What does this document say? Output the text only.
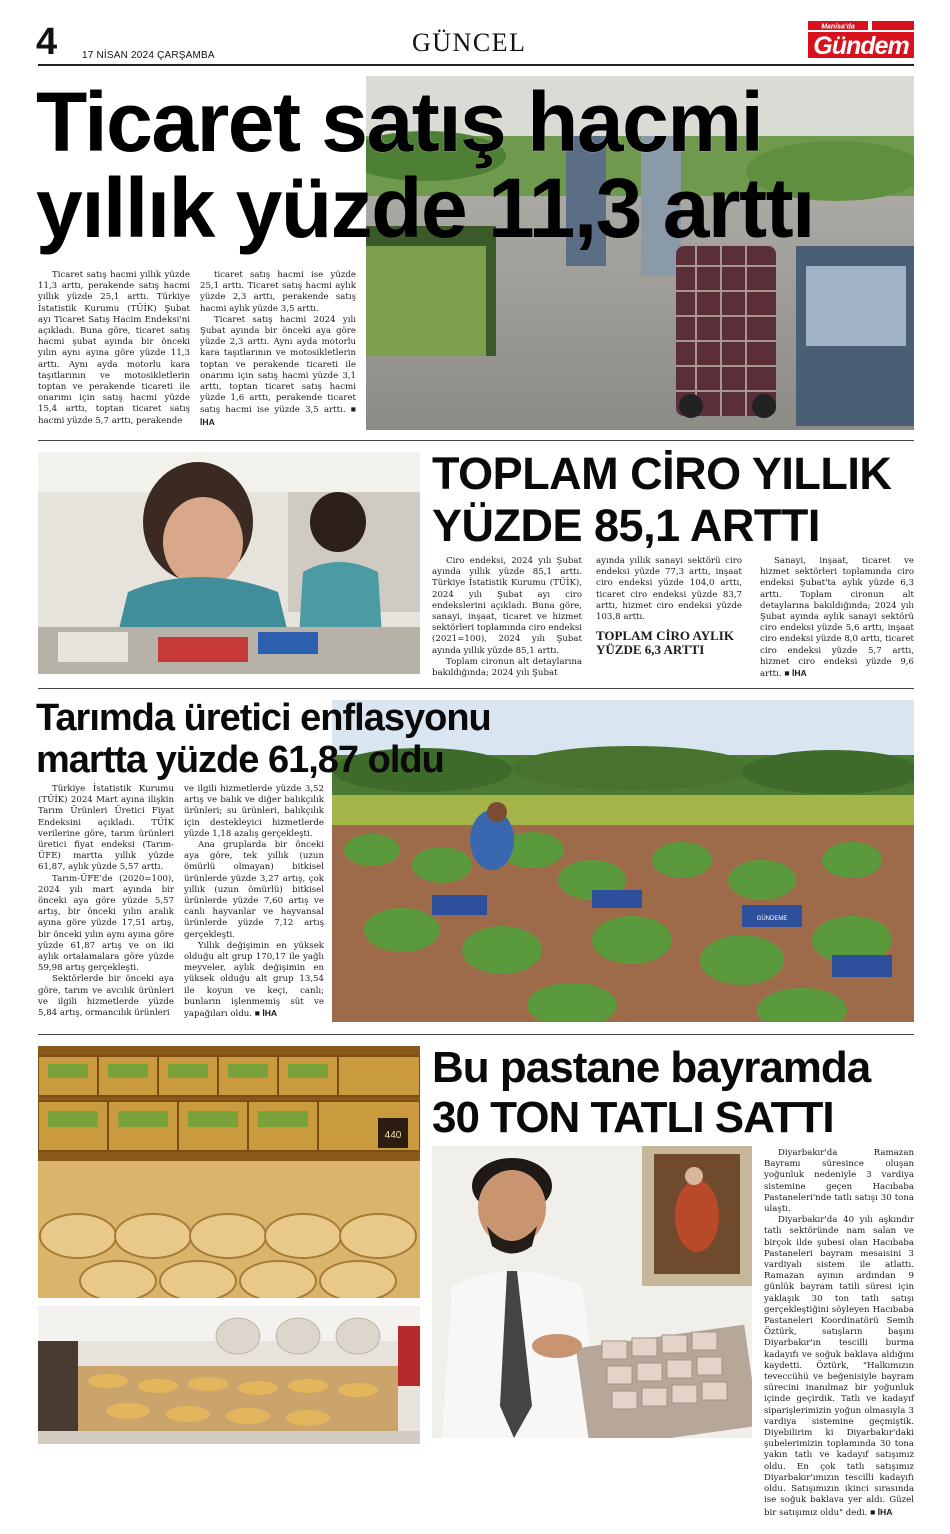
4 17 NİSAN 2024 ÇARŞAMBA	GÜNCEL
Manisa'da
Gündem
Ticaret satış hacmi
yıllık yüzde 11,3 arttı

Ticaret satış hacmi yıllık yüzde 11,3 arttı, perakende satış hacmi yıllık yüzde 25,1 arttı. Türkiye İstatistik Kurumu (TÜİK) Şubat ayı Ticaret Satış Hacim Endeksi'ni açıkladı. Buna göre, ticaret satış hacmi şubat ayında bir önceki yılın aynı ayına göre yüzde 11,3 arttı. Aynı ayda motorlu kara taşıtlarının ve motosikletlerin toptan ve perakende ticareti ile onarımı için satış hacmi yüzde 15,4 arttı, toptan ticaret satış hacmi yüzde 5,7 arttı, perakende

ticaret satış hacmi ise yüzde 25,1 arttı. Ticaret satış hacmi aylık yüzde 2,3 arttı, perakende satış hacmi aylık yüzde 3,5 arttı.

Ticaret satış hacmi 2024 yılı Şubat ayında bir önceki aya göre yüzde 2,3 arttı. Aynı ayda motorlu kara taşıtlarının ve motosikletlerin toptan ve perakende ticareti ile onarımı için satış hacmi yüzde 3,1 arttı, toptan ticaret satış hacmi yüzde 1,6 arttı, perakende ticaret satış hacmi ise yüzde 3,5 arttı. ■ İHA

TOPLAM CİRO YILLIK
YÜZDE 85,1 ARTTI

Ciro endeksi, 2024 yılı Şubat ayında yıllık yüzde 85,1 arttı. Türkiye İstatistik Kurumu (TÜİK), 2024 yılı Şubat ayı ciro endekslerini açıkladı. Buna göre, sanayi, inşaat, ticaret ve hizmet sektörleri toplamında ciro endeksi (2021=100), 2024 yılı Şubat ayında yıllık yüzde 85,1 arttı.

Toplam cironun alt detaylarına bakıldığında; 2024 yılı Şubat

ayında yıllık sanayi sektörü ciro endeksi yüzde 77,3 arttı, inşaat ciro endeksi yüzde 104,0 arttı, ticaret ciro endeksi yüzde 83,7 arttı, hizmet ciro endeksi yüzde 103,8 arttı.

TOPLAM CİRO AYLIK YÜZDE 6,3 ARTTI

Sanayi, inşaat, ticaret ve hizmet sektörleri toplamında ciro endeksi Şubat'ta aylık yüzde 6,3 arttı. Toplam cironun alt detaylarına bakıldığında; 2024 yılı Şubat ayında aylık sanayi sektörü ciro endeksi yüzde 5,6 arttı, inşaat ciro endeksi yüzde 8,0 arttı, ticaret ciro endeksi yüzde 5,7 arttı, hizmet ciro endeksi yüzde 9,6 arttı. ■ İHA

GÜNDEME
Tarımda üretici enflasyonu
martta yüzde 61,87 oldu

Türkiye İstatistik Kurumu (TÜİK) 2024 Mart ayına ilişkin Tarım Ürünleri Üretici Fiyat Endeksini açıkladı. TÜİK verilerine göre, tarım ürünleri üretici fiyat endeksi (Tarım-ÜFE) martta yıllık yüzde 61,87, aylık yüzde 5,57 arttı.

Tarım-ÜFE'de (2020=100), 2024 yılı mart ayında bir önceki aya göre yüzde 5,57 artış, bir önceki yılın aralık ayına göre yüzde 17,51 artış, bir önceki yılın aynı ayına göre yüzde 61,87 artış ve on iki aylık ortalamalara göre yüzde 59,98 artış gerçekleşti.

Sektörlerde bir önceki aya göre, tarım ve avcılık ürünleri ve ilgili hizmetlerde yüzde 5,84 artış, ormancılık ürünleri

ve ilgili hizmetlerde yüzde 3,52 artış ve balık ve diğer balıkçılık ürünleri; su ürünleri, balıkçılık için destekleyici hizmetlerde yüzde 1,18 azalış gerçekleşti.

Ana gruplarda bir önceki aya göre, tek yıllık (uzun ömürlü olmayan) bitkisel ürünlerde yüzde 3,27 artış, çok yıllık (uzun ömürlü) bitkisel ürünlerde yüzde 7,60 artış ve canlı hayvanlar ve hayvansal ürünlerde yüzde 7,12 artış gerçekleşti.

Yıllık değişimin en yüksek olduğu alt grup 170,17 ile yağlı meyveler, aylık değişimin en yüksek olduğu alt grup 13,54 ile koyun ve keçi, canlı; bunların işlenmemiş süt ve yapağıları oldu. ■ İHA

440
Bu pastane bayramda
30 TON TATLI SATTI

Diyarbakır'da Ramazan Bayramı süresince oluşan yoğunluk nedeniyle 3 vardiya sistemine geçen Hacıbaba Pastaneleri'nde tatlı satışı 30 tona ulaştı.

Diyarbakır'da 40 yılı aşkındır tatlı sektöründe nam salan ve birçok ilde şubesi olan Hacıbaba Pastaneleri bayram mesaisini 3 vardiyalı sistem ile atlattı. Ramazan ayının ardından 9 günlük bayram tatili süresi için yaklaşık 30 ton tatlı satışı gerçekleştiğini söyleyen Hacıbaba Pastaneleri Koordinatörü Semih Öztürk, satışların başını Diyarbakır'ın tescilli burma kadayıfı ve soğuk baklava aldığını kaydetti. Öztürk, "Halkımızın teveccühü ve beğenisiyle bayram sürecini inanılmaz bir yoğunluk içinde geçirdik. Tatlı ve kadayıf siparişlerimizin yoğun olmasıyla 3 vardiya sistemine geçmiştik. Diyebilirim ki Diyarbakır'daki şubelerimizin toplamında 30 tona yakın tatlı ve kadayıf satışımız oldu. En çok tatlı satışımız Diyarbakır'ımızın tescilli kadayıfı oldu. Satışımızın ikinci sırasında ise soğuk baklava yer aldı. Güzel bir satışımız oldu" dedi. ■ İHA
